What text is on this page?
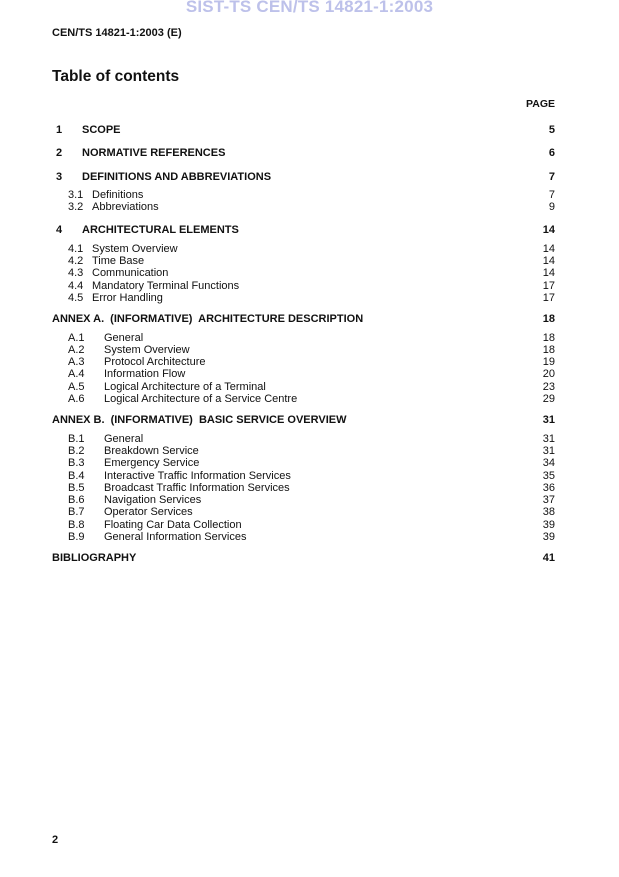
SIST-TS CEN/TS 14821-1:2003
CEN/TS 14821-1:2003 (E)
Table of contents
PAGE
1	SCOPE	5
2	NORMATIVE REFERENCES	6
3	DEFINITIONS AND ABBREVIATIONS	7
3.1 Definitions	7
3.2 Abbreviations	9
4	ARCHITECTURAL ELEMENTS	14
4.1 System Overview	14
4.2 Time Base	14
4.3 Communication	14
4.4 Mandatory Terminal Functions	17
4.5 Error Handling	17
ANNEX A. (INFORMATIVE)  ARCHITECTURE DESCRIPTION	18
A.1	General	18
A.2	System Overview	18
A.3	Protocol Architecture	19
A.4	Information Flow	20
A.5	Logical Architecture of a Terminal	23
A.6	Logical Architecture of a Service Centre	29
ANNEX B. (INFORMATIVE)  BASIC SERVICE OVERVIEW	31
B.1	General	31
B.2	Breakdown Service	31
B.3	Emergency Service	34
B.4	Interactive Traffic Information Services	35
B.5	Broadcast Traffic Information Services	36
B.6	Navigation Services	37
B.7	Operator Services	38
B.8	Floating Car Data Collection	39
B.9	General Information Services	39
BIBLIOGRAPHY	41
2
